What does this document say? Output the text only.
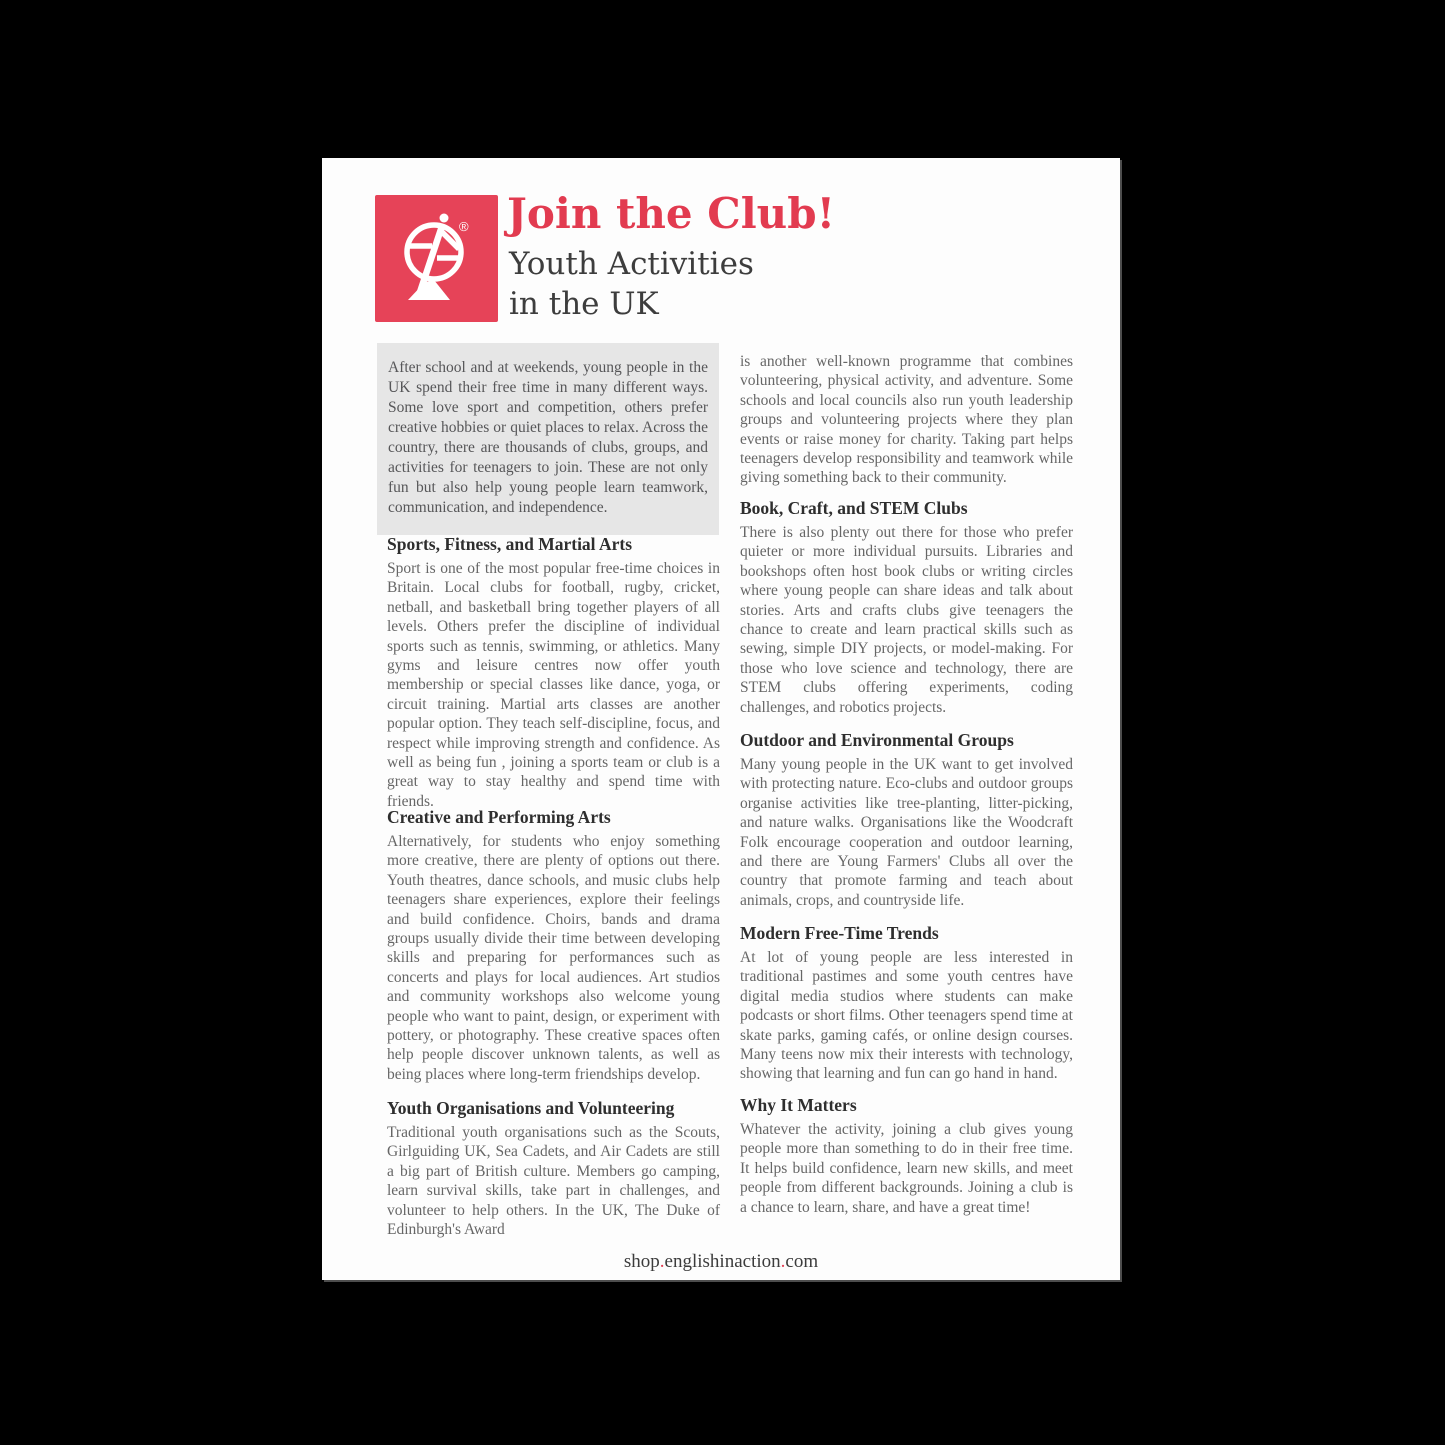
® Join the Club!
Youth Activities
in the UK

After school and at weekends, young people in the UK spend their free time in many different ways. Some love sport and competition, others prefer creative hobbies or quiet places to relax. Across the country, there are thousands of clubs, groups, and activities for teenagers to join. These are not only fun but also help young people learn teamwork, communication, and independence.

Sports, Fitness, and Martial Arts

Sport is one of the most popular free-time choices in Britain. Local clubs for football, rugby, cricket, netball, and basketball bring together players of all levels. Others prefer the discipline of individual sports such as tennis, swimming, or athletics. Many gyms and leisure centres now offer youth membership or special classes like dance, yoga, or circuit training. Martial arts classes are another popular option. They teach self-discipline, focus, and respect while improving strength and confidence. As well as being fun , joining a sports team or club is a great way to stay healthy and spend time with friends.

Creative and Performing Arts

Alternatively, for students who enjoy something more creative, there are plenty of options out there. Youth theatres, dance schools, and music clubs help teenagers share experiences, explore their feelings and build confidence. Choirs, bands and drama groups usually divide their time between developing skills and preparing for performances such as concerts and plays for local audiences. Art studios and community workshops also welcome young people who want to paint, design, or experiment with pottery, or photography. These creative spaces often help people discover unknown talents, as well as being places where long-term friendships develop.

Youth Organisations and Volunteering

Traditional youth organisations such as the Scouts, Girlguiding UK, Sea Cadets, and Air Cadets are still a big part of British culture. Members go camping, learn survival skills, take part in challenges, and volunteer to help others. In the UK, The Duke of Edinburgh's Award

is another well-known programme that combines volunteering, physical activity, and adventure. Some schools and local councils also run youth leadership groups and volunteering projects where they plan events or raise money for charity. Taking part helps teenagers develop responsibility and teamwork while giving something back to their community.

Book, Craft, and STEM Clubs

There is also plenty out there for those who prefer quieter or more individual pursuits. Libraries and bookshops often host book clubs or writing circles where young people can share ideas and talk about stories. Arts and crafts clubs give teenagers the chance to create and learn practical skills such as sewing, simple DIY projects, or model-making. For those who love science and technology, there are STEM clubs offering experiments, coding challenges, and robotics projects.

Outdoor and Environmental Groups

Many young people in the UK want to get involved with protecting nature. Eco-clubs and outdoor groups organise activities like tree-planting, litter-picking, and nature walks. Organisations like the Woodcraft Folk encourage cooperation and outdoor learning, and there are Young Farmers' Clubs all over the country that promote farming and teach about animals, crops, and countryside life.

Modern Free-Time Trends

At lot of young people are less interested in traditional pastimes and some youth centres have digital media studios where students can make podcasts or short films. Other teenagers spend time at skate parks, gaming cafés, or online design courses. Many teens now mix their interests with technology, showing that learning and fun can go hand in hand.

Why It Matters

Whatever the activity, joining a club gives young people more than something to do in their free time. It helps build confidence, learn new skills, and meet people from different backgrounds. Joining a club is a chance to learn, share, and have a great time!

shop.englishinaction.com
